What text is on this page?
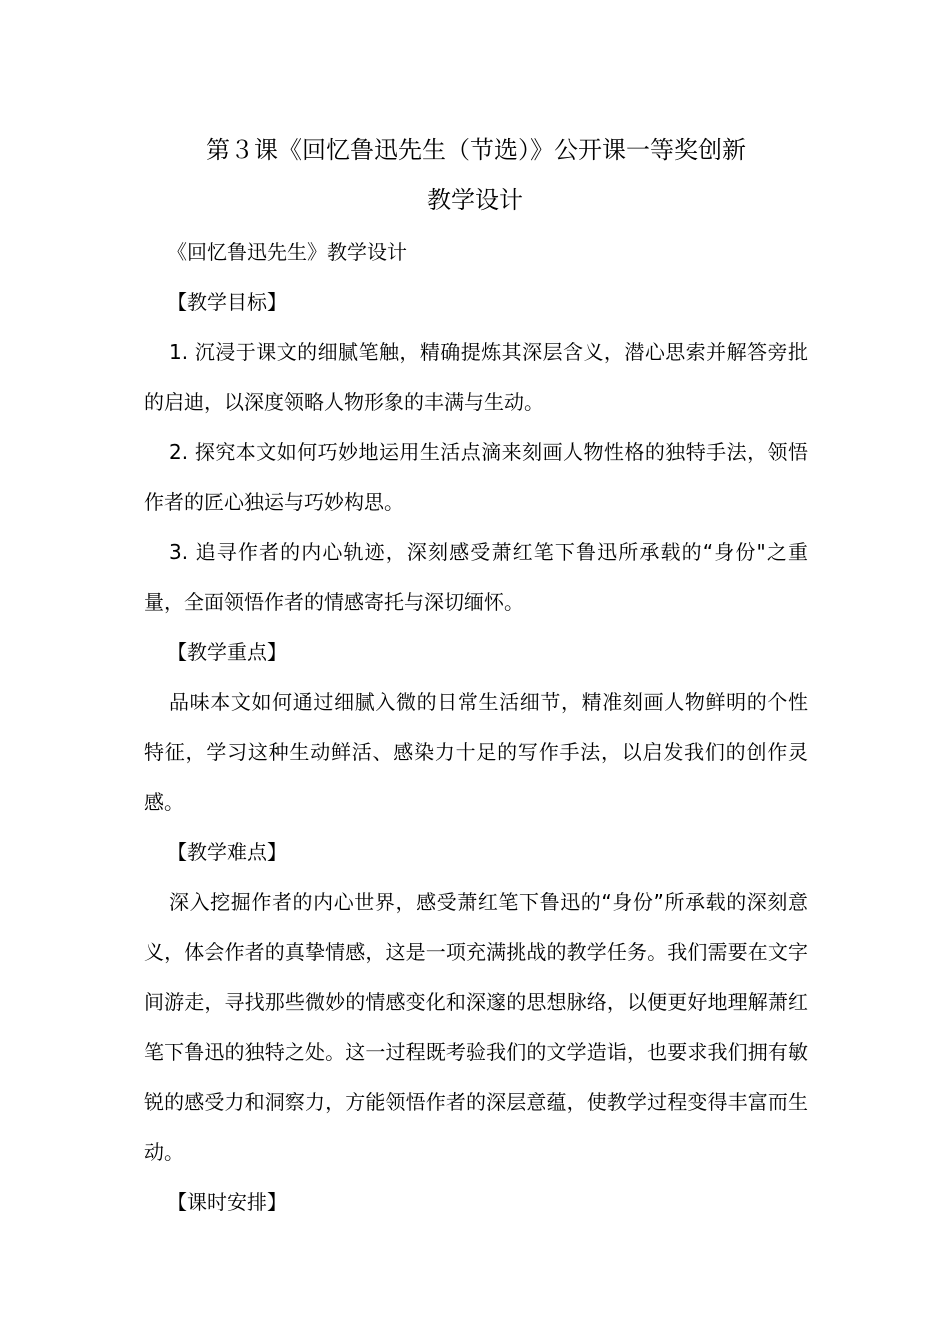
第３课《回忆鲁迅先生（节选）》公开课一等奖创新
教学设计

《回忆鲁迅先生》教学设计

【教学目标】

1. 沉浸于课文的细腻笔触，精确提炼其深层含义，潜心思索并解答旁批的启迪，以深度领略人物形象的丰满与生动。

2. 探究本文如何巧妙地运用生活点滴来刻画人物性格的独特手法，领悟作者的匠心独运与巧妙构思。

3. 追寻作者的内心轨迹，深刻感受萧红笔下鲁迅所承载的“身份"之重量，全面领悟作者的情感寄托与深切缅怀。

【教学重点】

品味本文如何通过细腻入微的日常生活细节，精准刻画人物鲜明的个性特征，学习这种生动鲜活、感染力十足的写作手法，以启发我们的创作灵感。

【教学难点】

深入挖掘作者的内心世界，感受萧红笔下鲁迅的“身份”所承载的深刻意义，体会作者的真挚情感，这是一项充满挑战的教学任务。我们需要在文字间游走，寻找那些微妙的情感变化和深邃的思想脉络，以便更好地理解萧红笔下鲁迅的独特之处。这一过程既考验我们的文学造诣，也要求我们拥有敏锐的感受力和洞察力，方能领悟作者的深层意蕴，使教学过程变得丰富而生动。

【课时安排】
